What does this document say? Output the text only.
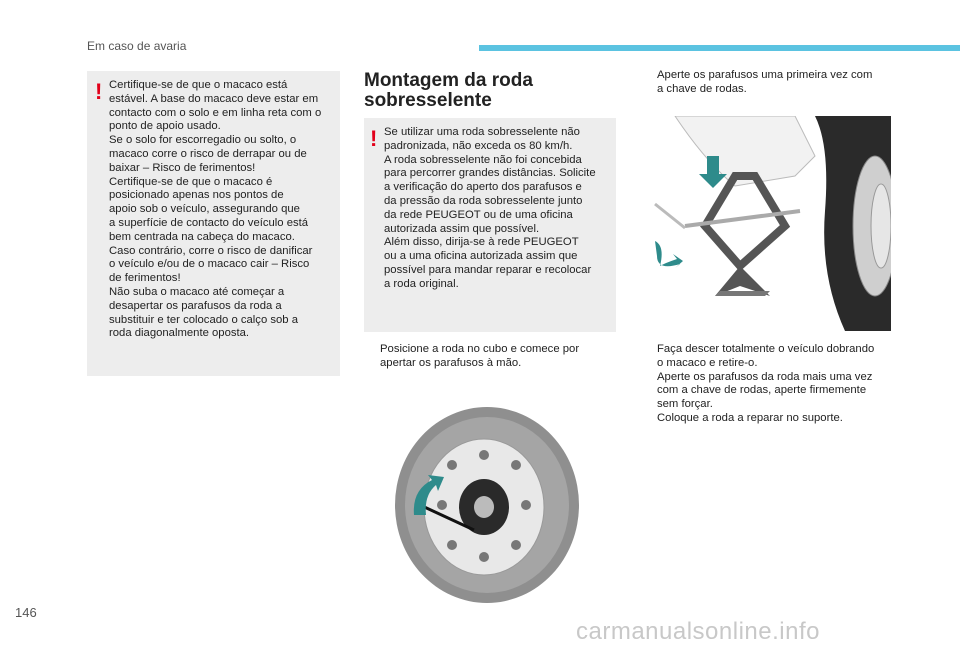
Em caso de avaria
! Certifique-se de que o macaco está
estável. A base do macaco deve estar em
contacto com o solo e em linha reta com o
ponto de apoio usado.
Se o solo for escorregadio ou solto, o
macaco corre o risco de derrapar ou de
baixar – Risco de ferimentos!
Certifique-se de que o macaco é
posicionado apenas nos pontos de
apoio sob o veículo, assegurando que
a superfície de contacto do veículo está
bem centrada na cabeça do macaco.
Caso contrário, corre o risco de danificar
o veículo e/ou de o macaco cair – Risco
de ferimentos!
Não suba o macaco até começar a
desapertar os parafusos da roda a
substituir e ter colocado o calço sob a
roda diagonalmente oposta.
Montagem da roda
sobresselente
! Se utilizar uma roda sobresselente não
padronizada, não exceda os 80 km/h.
A roda sobresselente não foi concebida
para percorrer grandes distâncias. Solicite
a verificação do aperto dos parafusos e
da pressão da roda sobresselente junto
da rede PEUGEOT ou de uma oficina
autorizada assim que possível.
Além disso, dirija-se à rede PEUGEOT
ou a uma oficina autorizada assim que
possível para mandar reparar e recolocar
a roda original.
Posicione a roda no cubo e comece por
apertar os parafusos à mão.
Aperte os parafusos uma primeira vez com
a chave de rodas.
Faça descer totalmente o veículo dobrando
o macaco e retire-o.
Aperte os parafusos da roda mais uma vez
com a chave de rodas, aperte firmemente
sem forçar.
Coloque a roda a reparar no suporte.
146
carmanualsonline.info
